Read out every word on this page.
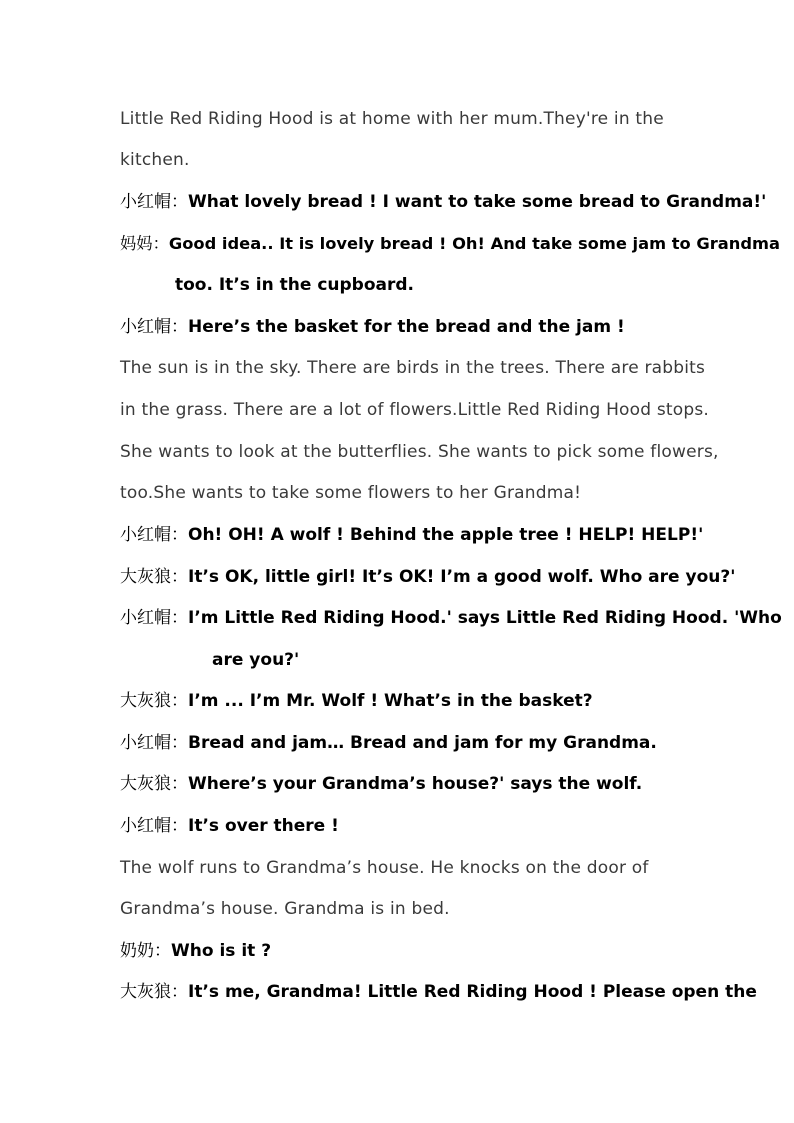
Little Red Riding Hood is at home with her mum.They're in the
kitchen.
小红帽：What lovely bread ! I want to take some bread to Grandma!'
妈妈：Good idea.. It is lovely bread ! Oh! And take some jam to Grandma
too. It’s in the cupboard.
小红帽：Here’s the basket for the bread and the jam !
The sun is in the sky. There are birds in the trees. There are rabbits
in the grass. There are a lot of flowers.Little Red Riding Hood stops.
She wants to look at the butterflies. She wants to pick some flowers,
too.She wants to take some flowers to her Grandma!
小红帽：Oh! OH! A wolf ! Behind the apple tree ! HELP! HELP!'
大灰狼：It’s OK, little girl! It’s OK! I’m a good wolf. Who are you?'
小红帽：I’m Little Red Riding Hood.' says Little Red Riding Hood. 'Who
are you?'
大灰狼：I’m ... I’m Mr. Wolf ! What’s in the basket?
小红帽：Bread and jam… Bread and jam for my Grandma.
大灰狼：Where’s your Grandma’s house?' says the wolf.
小红帽：It’s over there !
The wolf runs to Grandma’s house. He knocks on the door of
Grandma’s house. Grandma is in bed.
奶奶：Who is it ?
大灰狼：It’s me, Grandma! Little Red Riding Hood ! Please open the
